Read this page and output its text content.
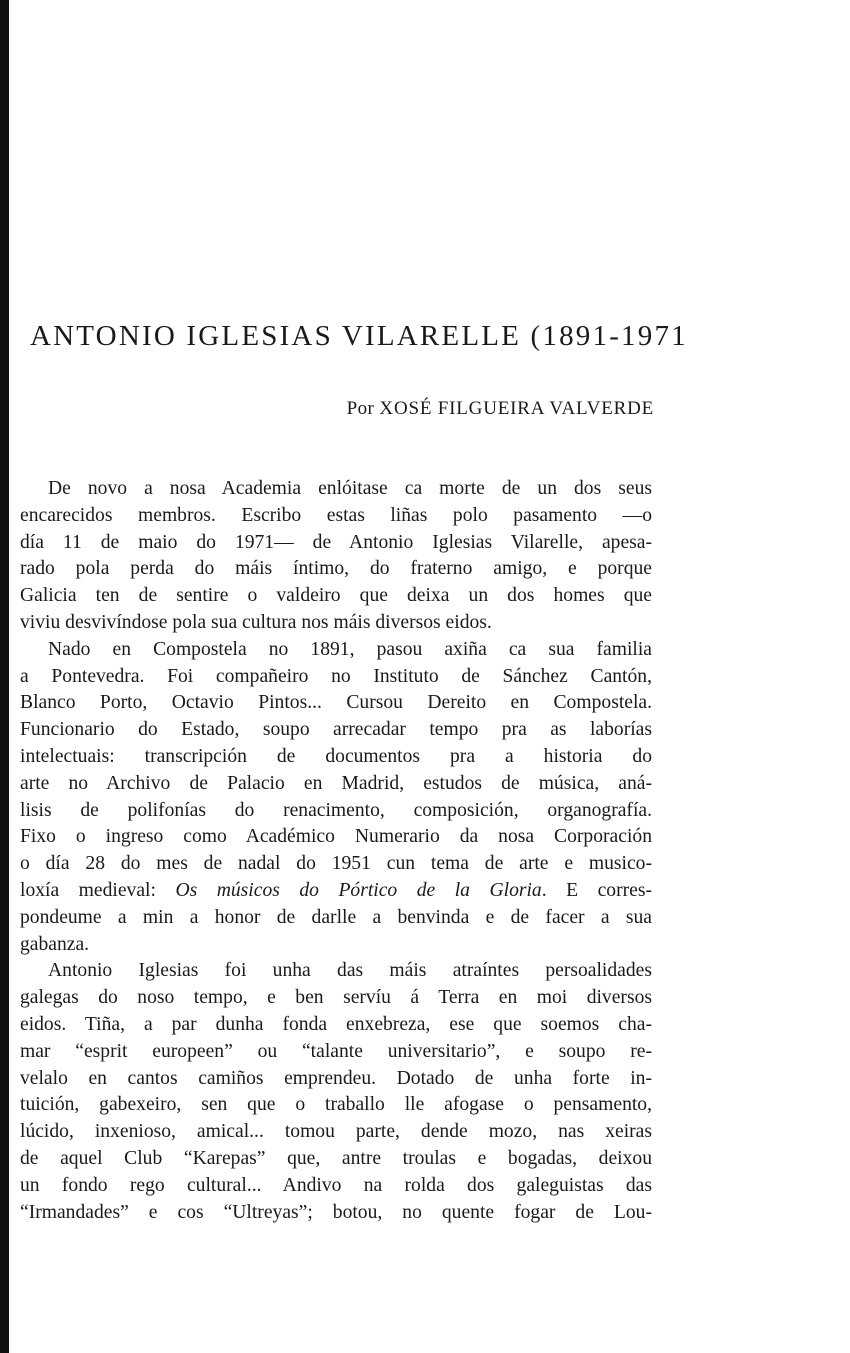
ANTONIO IGLESIAS VILARELLE (1891-1971
Por XOSÉ FILGUEIRA VALVERDE
De novo a nosa Academia enlóitase ca morte de un dos seus
encarecidos membros. Escribo estas liñas polo pasamento —o
día 11 de maio do 1971— de Antonio Iglesias Vilarelle, apesa-
rado pola perda do máis íntimo, do fraterno amigo, e porque
Galicia ten de sentire o valdeiro que deixa un dos homes que
viviu desvivíndose pola sua cultura nos máis diversos eidos.
Nado en Compostela no 1891, pasou axiña ca sua familia
a Pontevedra. Foi compañeiro no Instituto de Sánchez Cantón,
Blanco Porto, Octavio Pintos... Cursou Dereito en Compostela.
Funcionario do Estado, soupo arrecadar tempo pra as laborías
intelectuais: transcripción de documentos pra a historia do
arte no Archivo de Palacio en Madrid, estudos de música, aná-
lisis de polifonías do renacimento, composición, organografía.
Fixo o ingreso como Académico Numerario da nosa Corporación
o día 28 do mes de nadal do 1951 cun tema de arte e musico-
loxía medieval: Os músicos do Pórtico de la Gloria. E corres-
pondeume a min a honor de darlle a benvinda e de facer a sua
gabanza.
Antonio Iglesias foi unha das máis atraíntes persoalidades
galegas do noso tempo, e ben servíu á Terra en moi diversos
eidos. Tiña, a par dunha fonda enxebreza, ese que soemos cha-
mar “esprit europeen” ou “talante universitario”, e soupo re-
velalo en cantos camiños emprendeu. Dotado de unha forte in-
tuición, gabexeiro, sen que o traballo lle afogase o pensamento,
lúcido, inxenioso, amical... tomou parte, dende mozo, nas xeiras
de aquel Club “Karepas” que, antre troulas e bogadas, deixou
un fondo rego cultural... Andivo na rolda dos galeguistas das
“Irmandades” e cos “Ultreyas”; botou, no quente fogar de Lou-
